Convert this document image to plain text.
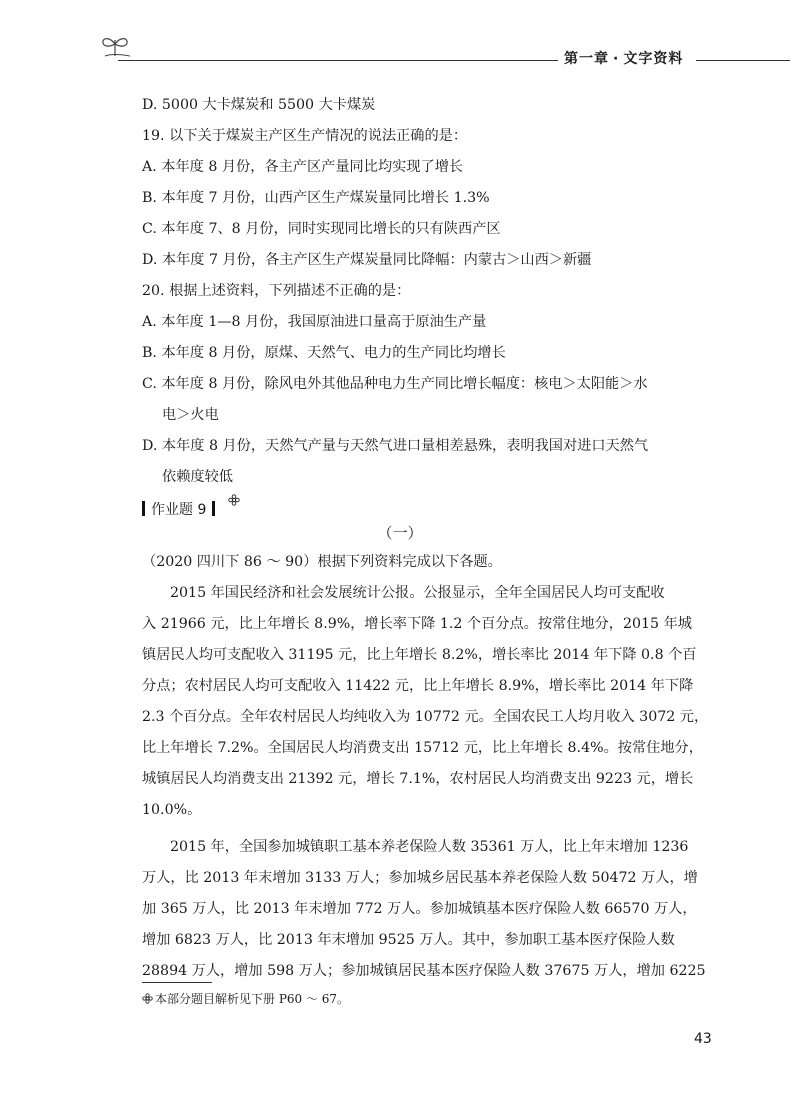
第一章 · 文字资料
D. 5000 大卡煤炭和 5500 大卡煤炭
19. 以下关于煤炭主产区生产情况的说法正确的是：
A. 本年度 8 月份，各主产区产量同比均实现了增长
B. 本年度 7 月份，山西产区生产煤炭量同比增长 1.3%
C. 本年度 7、8 月份，同时实现同比增长的只有陕西产区
D. 本年度 7 月份，各主产区生产煤炭量同比降幅：内蒙古＞山西＞新疆
20. 根据上述资料，下列描述不正确的是：
A. 本年度 1—8 月份，我国原油进口量高于原油生产量
B. 本年度 8 月份，原煤、天然气、电力的生产同比均增长
C. 本年度 8 月份，除风电外其他品种电力生产同比增长幅度：核电＞太阳能＞水
电＞火电
D. 本年度 8 月份，天然气产量与天然气进口量相差悬殊，表明我国对进口天然气
依赖度较低
作业题 9
（一）
（2020 四川下 86 ～ 90）根据下列资料完成以下各题。
2015 年国民经济和社会发展统计公报。公报显示，全年全国居民人均可支配收
入 21966 元，比上年增长 8.9%，增长率下降 1.2 个百分点。按常住地分，2015 年城
镇居民人均可支配收入 31195 元，比上年增长 8.2%，增长率比 2014 年下降 0.8 个百
分点；农村居民人均可支配收入 11422 元，比上年增长 8.9%，增长率比 2014 年下降
2.3 个百分点。全年农村居民人均纯收入为 10772 元。全国农民工人均月收入 3072 元，
比上年增长 7.2%。全国居民人均消费支出 15712 元，比上年增长 8.4%。按常住地分，
城镇居民人均消费支出 21392 元，增长 7.1%，农村居民人均消费支出 9223 元，增长
10.0%。
2015 年，全国参加城镇职工基本养老保险人数 35361 万人，比上年末增加 1236
万人，比 2013 年末增加 3133 万人；参加城乡居民基本养老保险人数 50472 万人，增
加 365 万人，比 2013 年末增加 772 万人。参加城镇基本医疗保险人数 66570 万人，
增加 6823 万人，比 2013 年末增加 9525 万人。其中，参加职工基本医疗保险人数
28894 万人，增加 598 万人；参加城镇居民基本医疗保险人数 37675 万人，增加 6225
本部分题目解析见下册 P60 ～ 67。
43
